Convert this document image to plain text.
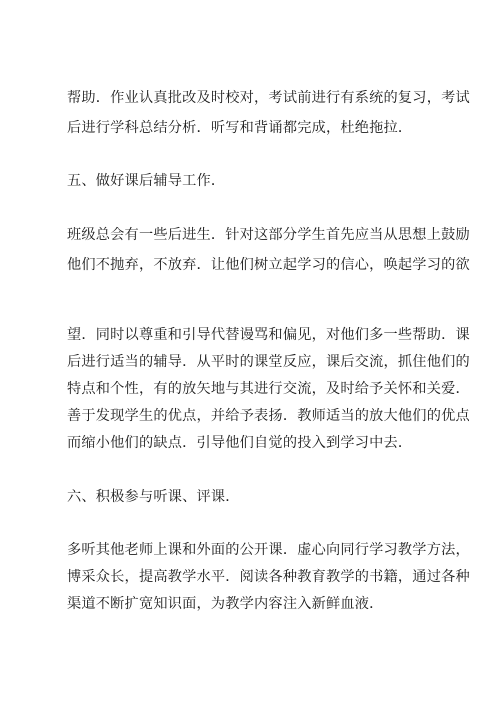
帮助．作业认真批改及时校对，考试前进行有系统的复习，考试
后进行学科总结分析．听写和背诵都完成，杜绝拖拉．
五、做好课后辅导工作．
班级总会有一些后进生．针对这部分学生首先应当从思想上鼓励
他们不抛弃，不放弃．让他们树立起学习的信心，唤起学习的欲
望．同时以尊重和引导代替谩骂和偏见，对他们多一些帮助．课
后进行适当的辅导．从平时的课堂反应，课后交流，抓住他们的
特点和个性，有的放矢地与其进行交流，及时给予关怀和关爱．
善于发现学生的优点，并给予表扬．教师适当的放大他们的优点
而缩小他们的缺点．引导他们自觉的投入到学习中去．
六、积极参与听课、评课．
多听其他老师上课和外面的公开课．虚心向同行学习教学方法，
博采众长，提高教学水平．阅读各种教育教学的书籍，通过各种
渠道不断扩宽知识面，为教学内容注入新鲜血液．
